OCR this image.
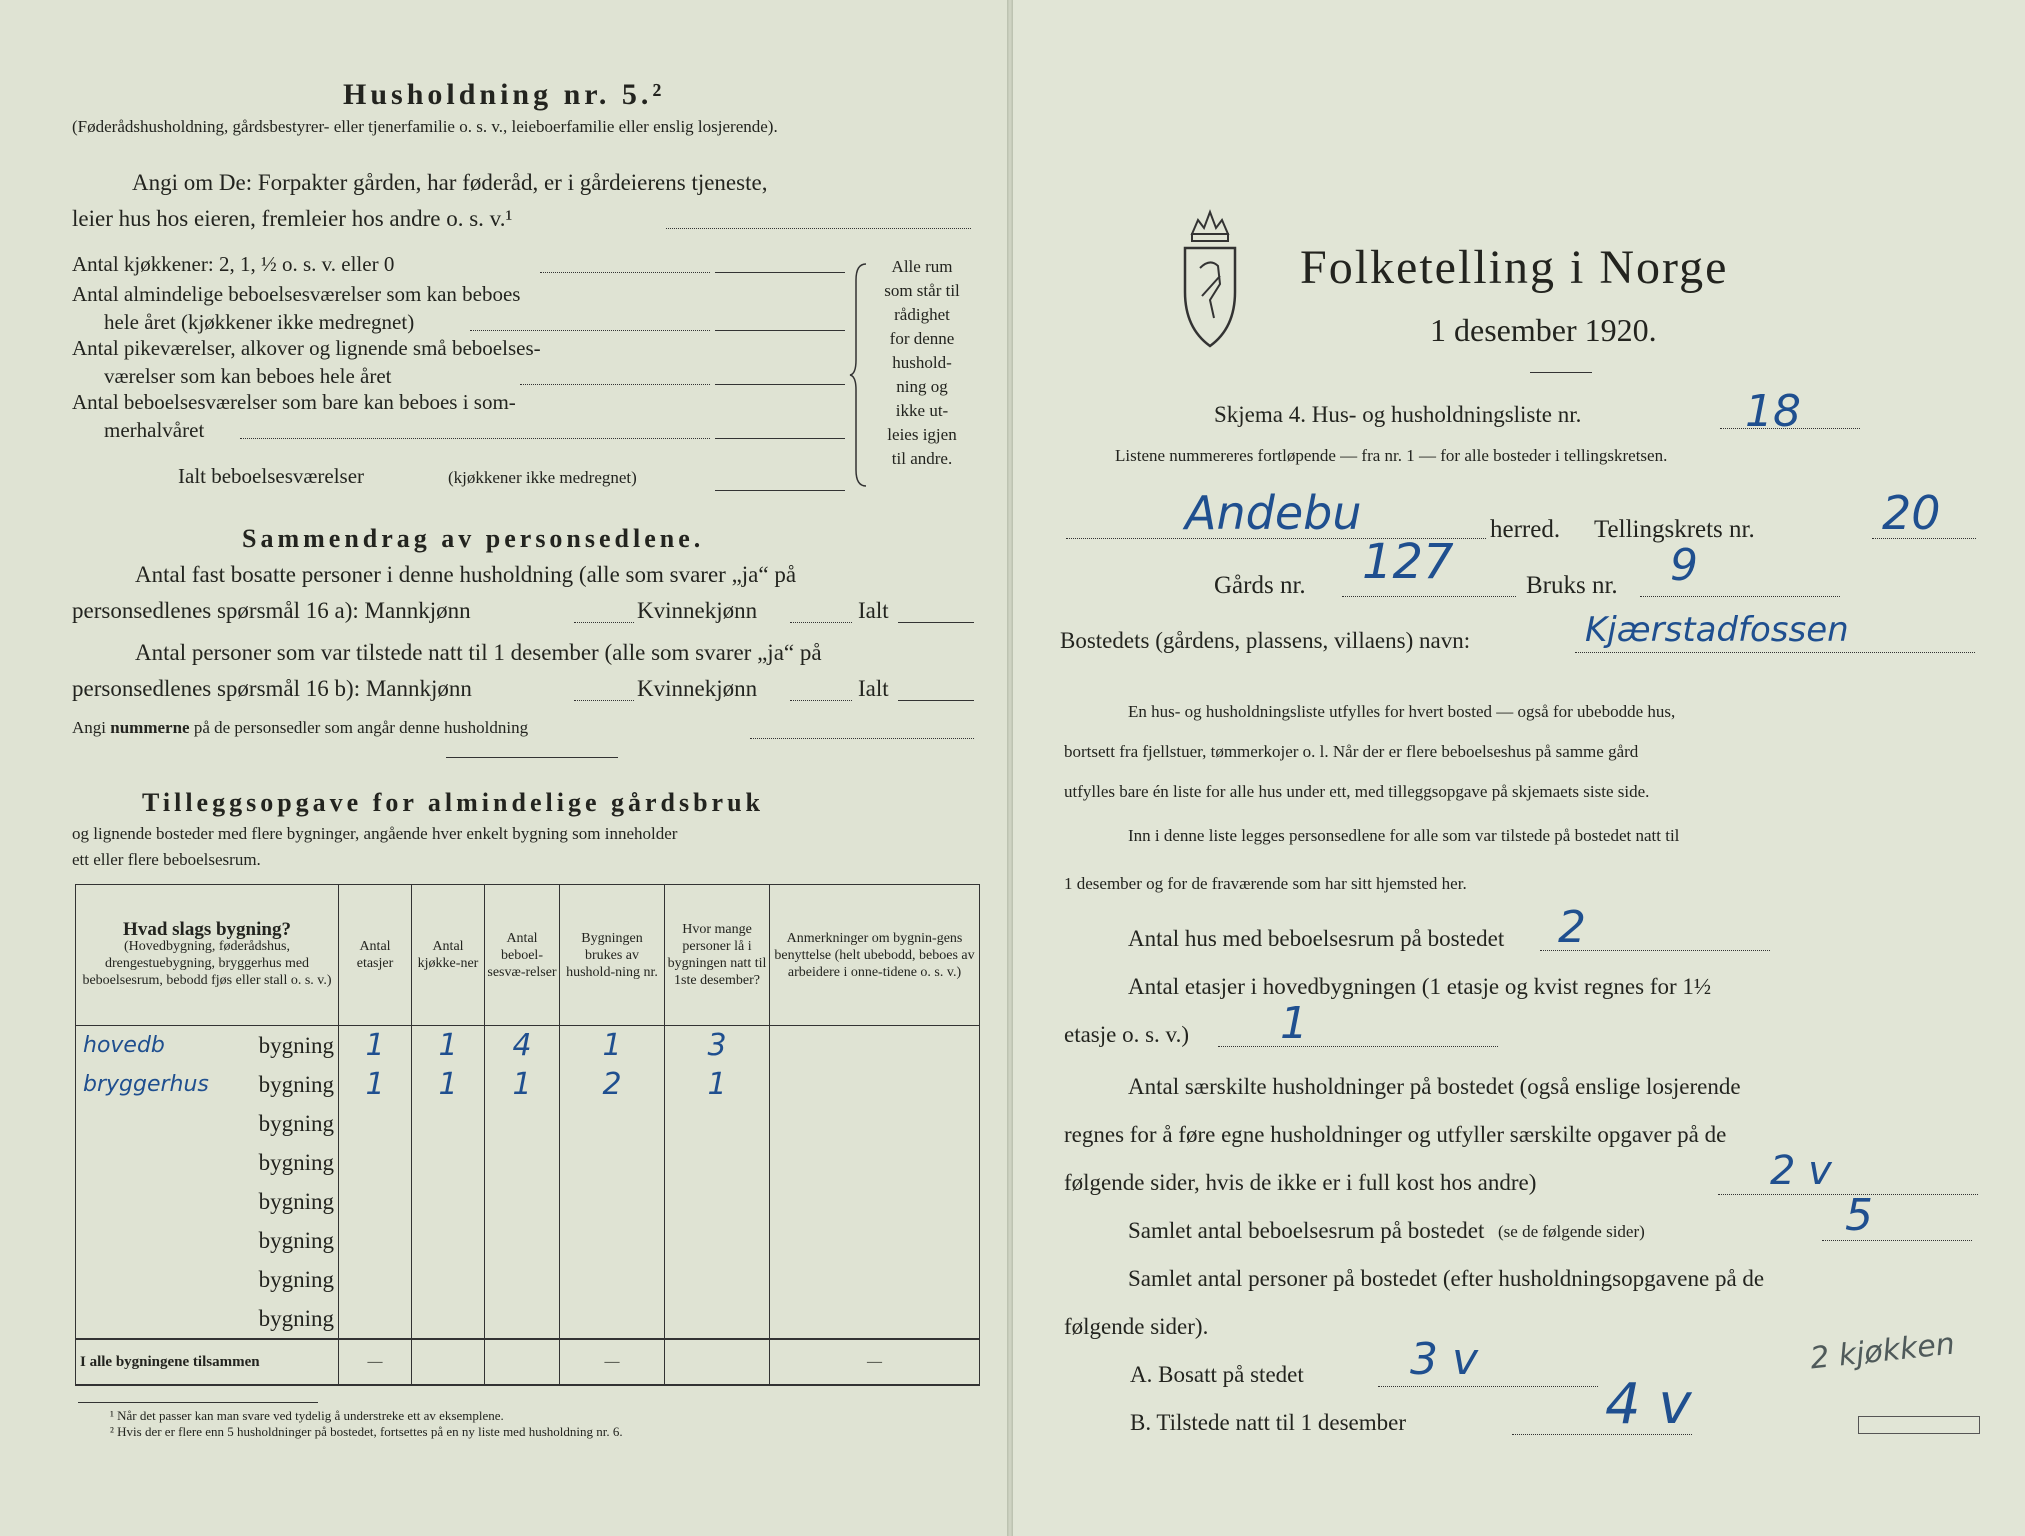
Husholdning nr. 5.²
(Føderådshusholdning, gårdsbestyrer- eller tjenerfamilie o. s. v., leieboerfamilie eller enslig losjerende).
Angi om De: Forpakter gården, har føderåd, er i gårdeierens tjeneste,
leier hus hos eieren, fremleier hos andre o. s. v.¹
Antal kjøkkener: 2, 1, ½ o. s. v. eller 0
Antal almindelige beboelsesværelser som kan beboes
hele året (kjøkkener ikke medregnet)
Antal pikeværelser, alkover og lignende små beboelses-
værelser som kan beboes hele året
Antal beboelsesværelser som bare kan beboes i som-
merhalvåret
Ialt beboelsesværelser	(kjøkkener ikke medregnet)
Alle rum
som står til
rådighet
for denne
hushold-
ning og
ikke ut-
leies igjen
til andre.
Sammendrag av personsedlene.
Antal fast bosatte personer i denne husholdning (alle som svarer „ja“ på
personsedlenes spørsmål 16 a): Mannkjønn	Kvinnekjønn	Ialt
Antal personer som var tilstede natt til 1 desember (alle som svarer „ja“ på
personsedlenes spørsmål 16 b): Mannkjønn	Kvinnekjønn	Ialt
Angi nummerne på de personsedler som angår denne husholdning
Tilleggsopgave for almindelige gårdsbruk
og lignende bosteder med flere bygninger, angående hver enkelt bygning som inneholder
ett eller flere beboelsesrum.
Hvad slags bygning?
(Hovedbygning, føderådshus, drengestuebygning, bryggerhus med beboelsesrum, bebodd fjøs eller stall o. s. v.)	Antal etasjer	Antal kjøkke-ner	Antal beboel-sesvæ-relser	Bygningen brukes av hushold-ning nr.	Hvor mange personer lå i bygningen natt til 1ste desember?	Anmerkninger om bygnin-gens benyttelse (helt ubebodd, beboes av arbeidere i onne-tidene o. s. v.)

hovedb bygning	1	1	4	1	3	

bryggerhus bygning	1	1	1	2	1	

bygning						

bygning						

bygning						

bygning						

bygning						

bygning						
I alle bygningene tilsammen	—			—		—
¹ Når det passer kan man svare ved tydelig å understreke ett av eksemplene.
² Hvis der er flere enn 5 husholdninger på bostedet, fortsettes på en ny liste med husholdning nr. 6.
Folketelling i Norge
1 desember 1920.
Skjema 4. Hus- og husholdningsliste nr.	18
Listene nummereres fortløpende — fra nr. 1 — for alle bosteder i tellingskretsen.
Andebu	herred. Tellingskrets nr.	20
Gårds nr. 127	Bruks nr. 9
Bostedets (gårdens, plassens, villaens) navn:	Kjærstadfossen
En hus- og husholdningsliste utfylles for hvert bosted — også for ubebodde hus,
bortsett fra fjellstuer, tømmerkojer o. l. Når der er flere beboelseshus på samme gård
utfylles bare én liste for alle hus under ett, med tilleggsopgave på skjemaets siste side.
Inn i denne liste legges personsedlene for alle som var tilstede på bostedet natt til
1 desember og for de fraværende som har sitt hjemsted her.
Antal hus med beboelsesrum på bostedet 2
Antal etasjer i hovedbygningen (1 etasje og kvist regnes for 1½
etasje o. s. v.) 1
Antal særskilte husholdninger på bostedet (også enslige losjerende
regnes for å føre egne husholdninger og utfyller særskilte opgaver på de
følgende sider, hvis de ikke er i full kost hos andre)	2 v
Samlet antal beboelsesrum på bostedet (se de følgende sider)	5
Samlet antal personer på bostedet (efter husholdningsopgavene på de
følgende sider).
A. Bosatt på stedet 3 v
B. Tilstede natt til 1 desember	4 v
2 kjøkken
